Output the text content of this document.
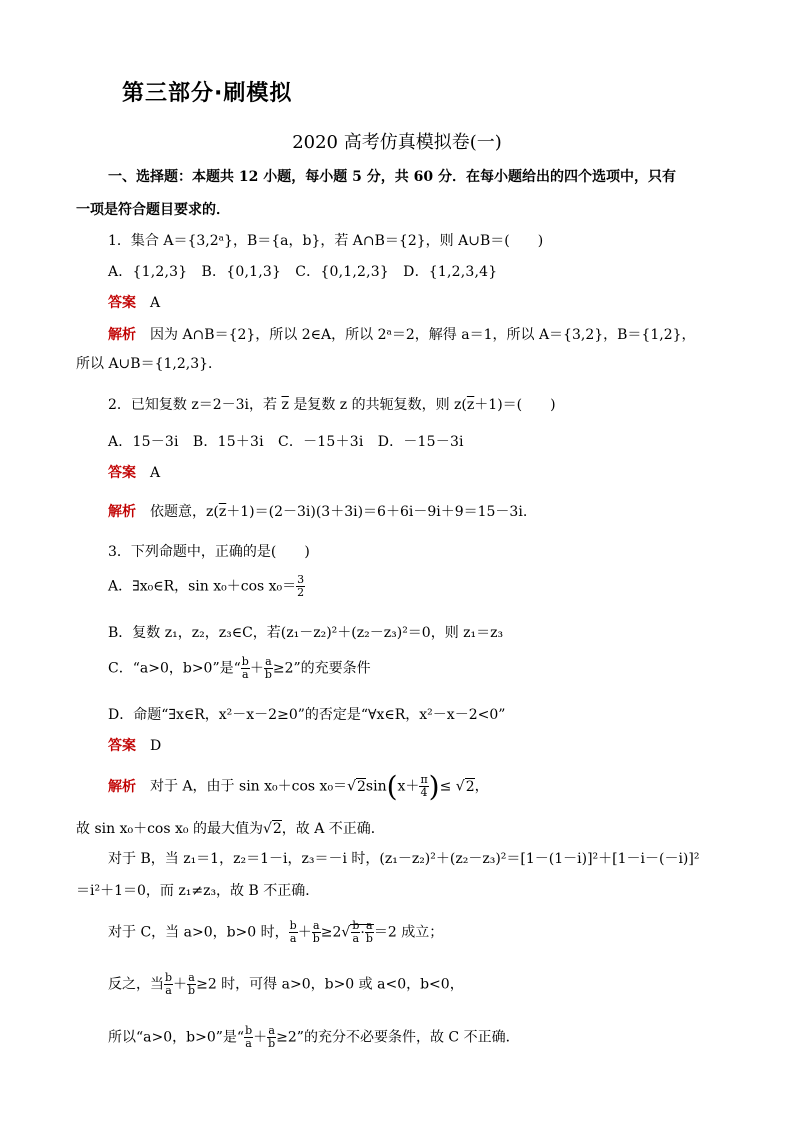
第三部分·刷模拟
2020 高考仿真模拟卷(一)
一、选择题：本题共 12 小题，每小题 5 分，共 60 分．在每小题给出的四个选项中，只有
一项是符合题目要求的．
1．集合 A＝{3,2ᵃ}，B＝{a，b}，若 A∩B＝{2}，则 A∪B＝(　　)
A．{1,2,3}　B．{0,1,3}　C．{0,1,2,3}　D．{1,2,3,4}
答案 A
解析 因为 A∩B＝{2}，所以 2∈A，所以 2ᵃ＝2，解得 a＝1，所以 A＝{3,2}，B＝{1,2}，
所以 A∪B＝{1,2,3}．
2．已知复数 z＝2－3i，若 $\overline{z}$ 是复数 z 的共轭复数，则 $z(\overline{z}+1)=$(　　)
A．15－3i　B．15＋3i　C．－15＋3i　D．－15－3i
答案 A
解析 依题意，$z(\overline{z}+1)=(2-3i)(3+3i)=6+6i-9i+9=15-3i$.
3．下列命题中，正确的是(　　)
A．∃x₀∈R，sin x₀＋cos $x_0= \frac{3}{2}$
B．复数 z₁，z₂，z₃∈C，若(z₁－z₂)²＋(z₂－z₃)²＝0，则 z₁＝z₃
C．“a>0，b>0”是“ $\frac{b}{a} + \frac{a}{b} \ge 2$”的充要条件
D．命题“∃x∈R，x²－x－2≥0”的否定是“∀x∈R，x²－x－2<0”
答案 D
解析 对于 A，由于 sin x₀＋cos $x_0=√2\sin(x+ \frac{\pi}{4}$ )≤ √2，
故 sin x₀＋cos x₀ 的最大值为√2，故 A 不正确．
对于 B，当 z₁＝1，z₂＝1－i，z₃＝－i 时，(z₁－z₂)²＋(z₂－z₃)²＝[1－(1－i)]²＋[1－i－(－i)]²
＝i²＋1＝0，而 z₁≠z₃，故 B 不正确．
对于 C，当 a>0，b>0 时， $\frac{b}{a} + \frac{a}{b} \ge 2√ \frac{b}{a} \cdot \frac{a}{b} =2$ 成立；
反之，当 $\frac{b}{a} + \frac{a}{b} \ge 2$ 时，可得 a>0，b>0 或 a<0，b<0，
所以“a>0，b>0”是“ $\frac{b}{a} + \frac{a}{b} \ge 2$”的充分不必要条件，故 C 不正确．
